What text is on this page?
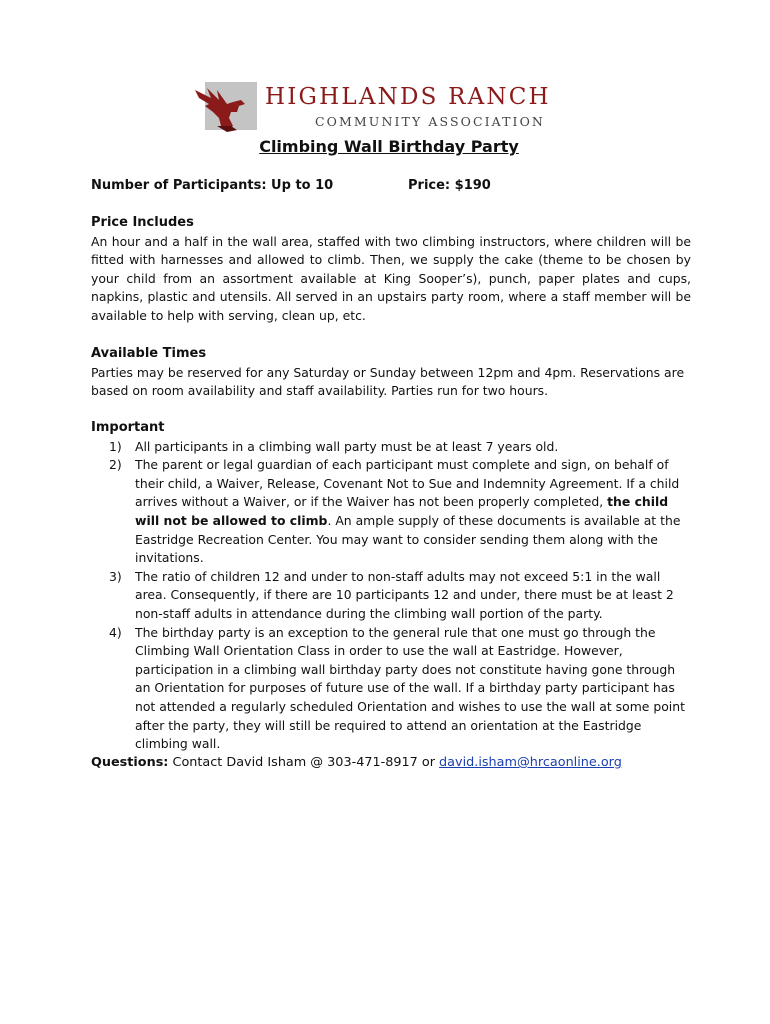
HIGHLANDS RANCH
COMMUNITY ASSOCIATION
Climbing Wall Birthday Party
Number of Participants: Up to 10	Price: $190
Price Includes
An hour and a half in the wall area, staffed with two climbing instructors, where children will be fitted with harnesses and allowed to climb. Then, we supply the cake (theme to be chosen by your child from an assortment available at King Sooper’s), punch, paper plates and cups, napkins, plastic and utensils. All served in an upstairs party room, where a staff member will be available to help with serving, clean up, etc.
Available Times
Parties may be reserved for any Saturday or Sunday between 12pm and 4pm. Reservations are based on room availability and staff availability. Parties run for two hours.
Important
All participants in a climbing wall party must be at least 7 years old.
The parent or legal guardian of each participant must complete and sign, on behalf of their child, a Waiver, Release, Covenant Not to Sue and Indemnity Agreement. If a child arrives without a Waiver, or if the Waiver has not been properly completed, the child will not be allowed to climb. An ample supply of these documents is available at the Eastridge Recreation Center. You may want to consider sending them along with the invitations.
The ratio of children 12 and under to non-staff adults may not exceed 5:1 in the wall area. Consequently, if there are 10 participants 12 and under, there must be at least 2 non-staff adults in attendance during the climbing wall portion of the party.
The birthday party is an exception to the general rule that one must go through the Climbing Wall Orientation Class in order to use the wall at Eastridge. However, participation in a climbing wall birthday party does not constitute having gone through an Orientation for purposes of future use of the wall. If a birthday party participant has not attended a regularly scheduled Orientation and wishes to use the wall at some point after the party, they will still be required to attend an orientation at the Eastridge climbing wall.
Questions: Contact David Isham @ 303-471-8917 or david.isham@hrcaonline.org
